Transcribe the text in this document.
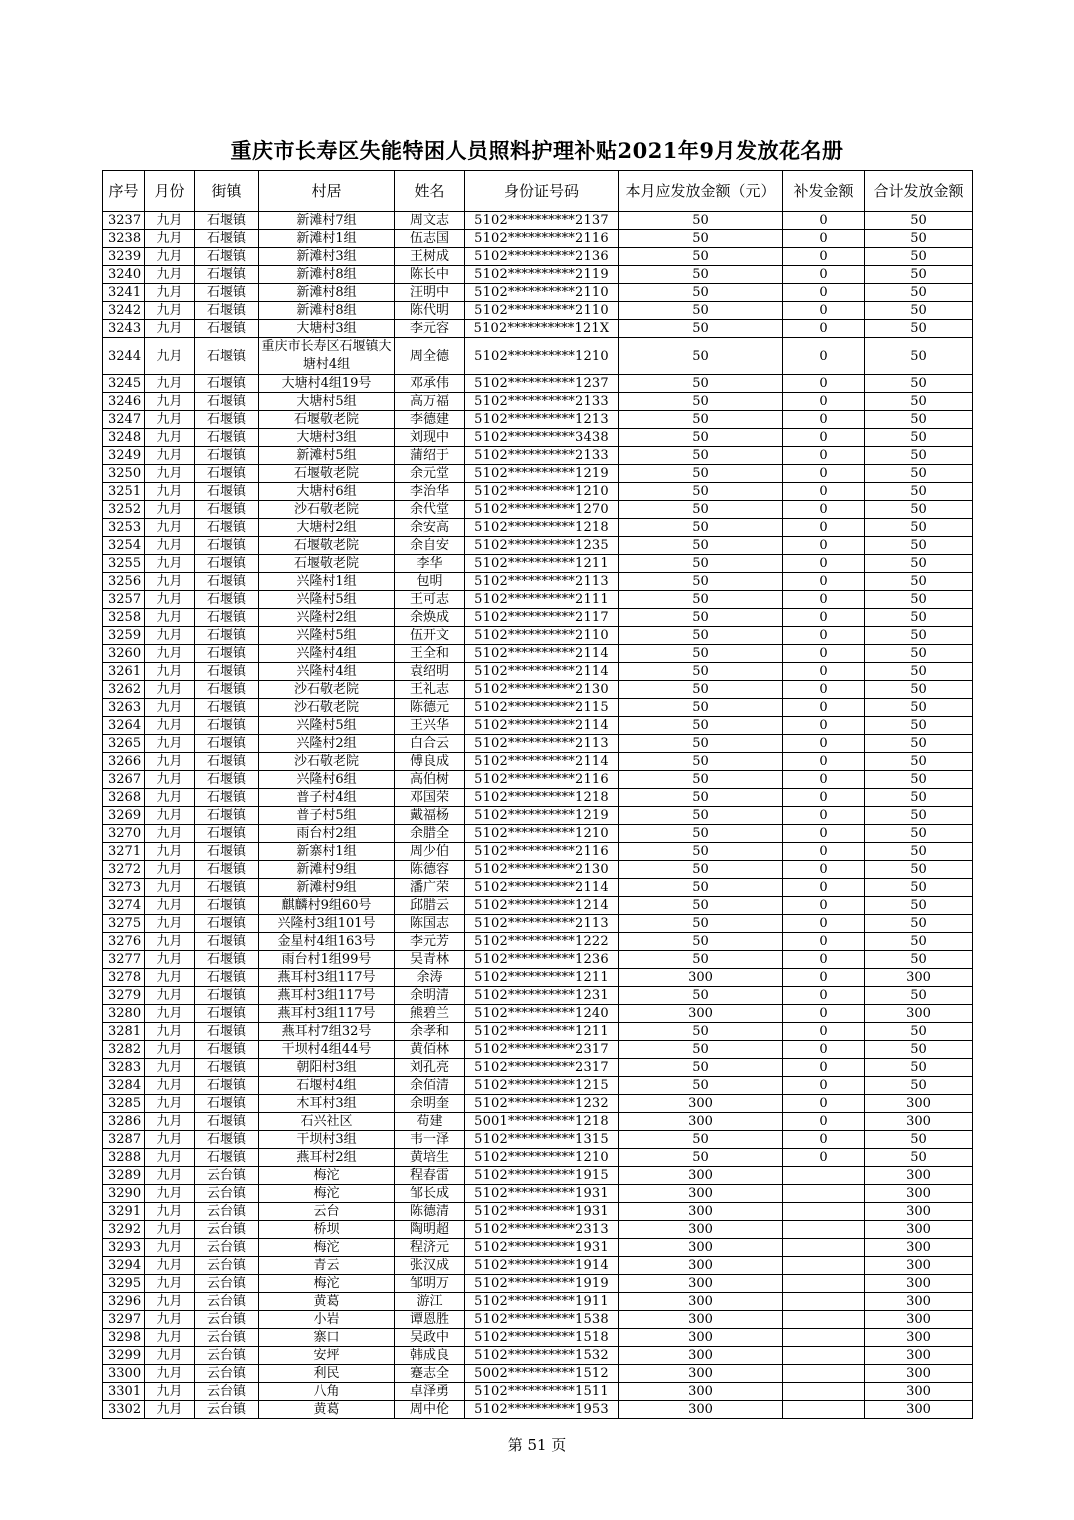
重庆市长寿区失能特困人员照料护理补贴2021年9月发放花名册
序号	月份	街镇	村居	姓名	身份证号码	本月应发放金额（元）	补发金额	合计发放金额
3237	九月	石堰镇	新滩村7组	周文志	5102**********2137	50	0	50
3238	九月	石堰镇	新滩村1组	伍志国	5102**********2116	50	0	50
3239	九月	石堰镇	新滩村3组	王树成	5102**********2136	50	0	50
3240	九月	石堰镇	新滩村8组	陈长中	5102**********2119	50	0	50
3241	九月	石堰镇	新滩村8组	汪明中	5102**********2110	50	0	50
3242	九月	石堰镇	新滩村8组	陈代明	5102**********2110	50	0	50
3243	九月	石堰镇	大塘村3组	李元容	5102**********121X	50	0	50
3244	九月	石堰镇	重庆市长寿区石堰镇大塘村4组	周全德	5102**********1210	50	0	50
3245	九月	石堰镇	大塘村4组19号	邓承伟	5102**********1237	50	0	50
3246	九月	石堰镇	大塘村5组	高万福	5102**********2133	50	0	50
3247	九月	石堰镇	石堰敬老院	李德建	5102**********1213	50	0	50
3248	九月	石堰镇	大塘村3组	刘现中	5102**********3438	50	0	50
3249	九月	石堰镇	新滩村5组	蒲绍于	5102**********2133	50	0	50
3250	九月	石堰镇	石堰敬老院	余元堂	5102**********1219	50	0	50
3251	九月	石堰镇	大塘村6组	李治华	5102**********1210	50	0	50
3252	九月	石堰镇	沙石敬老院	余代堂	5102**********1270	50	0	50
3253	九月	石堰镇	大塘村2组	余安高	5102**********1218	50	0	50
3254	九月	石堰镇	石堰敬老院	余自安	5102**********1235	50	0	50
3255	九月	石堰镇	石堰敬老院	李华	5102**********1211	50	0	50
3256	九月	石堰镇	兴隆村1组	包明	5102**********2113	50	0	50
3257	九月	石堰镇	兴隆村5组	王可志	5102**********2111	50	0	50
3258	九月	石堰镇	兴隆村2组	余焕成	5102**********2117	50	0	50
3259	九月	石堰镇	兴隆村5组	伍开文	5102**********2110	50	0	50
3260	九月	石堰镇	兴隆村4组	王全和	5102**********2114	50	0	50
3261	九月	石堰镇	兴隆村4组	袁绍明	5102**********2114	50	0	50
3262	九月	石堰镇	沙石敬老院	王礼志	5102**********2130	50	0	50
3263	九月	石堰镇	沙石敬老院	陈德元	5102**********2115	50	0	50
3264	九月	石堰镇	兴隆村5组	王兴华	5102**********2114	50	0	50
3265	九月	石堰镇	兴隆村2组	白合云	5102**********2113	50	0	50
3266	九月	石堰镇	沙石敬老院	傅良成	5102**********2114	50	0	50
3267	九月	石堰镇	兴隆村6组	高伯树	5102**********2116	50	0	50
3268	九月	石堰镇	普子村4组	邓国荣	5102**********1218	50	0	50
3269	九月	石堰镇	普子村5组	戴福杨	5102**********1219	50	0	50
3270	九月	石堰镇	雨台村2组	余腊全	5102**********1210	50	0	50
3271	九月	石堰镇	新寨村1组	周少伯	5102**********2116	50	0	50
3272	九月	石堰镇	新滩村9组	陈德容	5102**********2130	50	0	50
3273	九月	石堰镇	新滩村9组	潘广荣	5102**********2114	50	0	50
3274	九月	石堰镇	麒麟村9组60号	邱腊云	5102**********1214	50	0	50
3275	九月	石堰镇	兴隆村3组101号	陈国志	5102**********2113	50	0	50
3276	九月	石堰镇	金星村4组163号	李元芳	5102**********1222	50	0	50
3277	九月	石堰镇	雨台村1组99号	吴青林	5102**********1236	50	0	50
3278	九月	石堰镇	燕耳村3组117号	余涛	5102**********1211	300	0	300
3279	九月	石堰镇	燕耳村3组117号	余明清	5102**********1231	50	0	50
3280	九月	石堰镇	燕耳村3组117号	熊碧兰	5102**********1240	300	0	300
3281	九月	石堰镇	燕耳村7组32号	余孝和	5102**********1211	50	0	50
3282	九月	石堰镇	干坝村4组44号	黄佰林	5102**********2317	50	0	50
3283	九月	石堰镇	朝阳村3组	刘孔亮	5102**********2317	50	0	50
3284	九月	石堰镇	石堰村4组	余佰清	5102**********1215	50	0	50
3285	九月	石堰镇	木耳村3组	余明奎	5102**********1232	300	0	300
3286	九月	石堰镇	石兴社区	苟建	5001**********1218	300	0	300
3287	九月	石堰镇	干坝村3组	韦一泽	5102**********1315	50	0	50
3288	九月	石堰镇	燕耳村2组	黄培生	5102**********1210	50	0	50
3289	九月	云台镇	梅沱	程春雷	5102**********1915	300		300
3290	九月	云台镇	梅沱	邹长成	5102**********1931	300		300
3291	九月	云台镇	云台	陈德清	5102**********1931	300		300
3292	九月	云台镇	桥坝	陶明超	5102**********2313	300		300
3293	九月	云台镇	梅沱	程济元	5102**********1931	300		300
3294	九月	云台镇	青云	张汉成	5102**********1914	300		300
3295	九月	云台镇	梅沱	邹明万	5102**********1919	300		300
3296	九月	云台镇	黄葛	游江	5102**********1911	300		300
3297	九月	云台镇	小岩	谭恩胜	5102**********1538	300		300
3298	九月	云台镇	寨口	吴政中	5102**********1518	300		300
3299	九月	云台镇	安坪	韩成良	5102**********1532	300		300
3300	九月	云台镇	利民	蹇志全	5002**********1512	300		300
3301	九月	云台镇	八角	卓泽勇	5102**********1511	300		300
3302	九月	云台镇	黄葛	周中伦	5102**********1953	300		300
第 51 页
